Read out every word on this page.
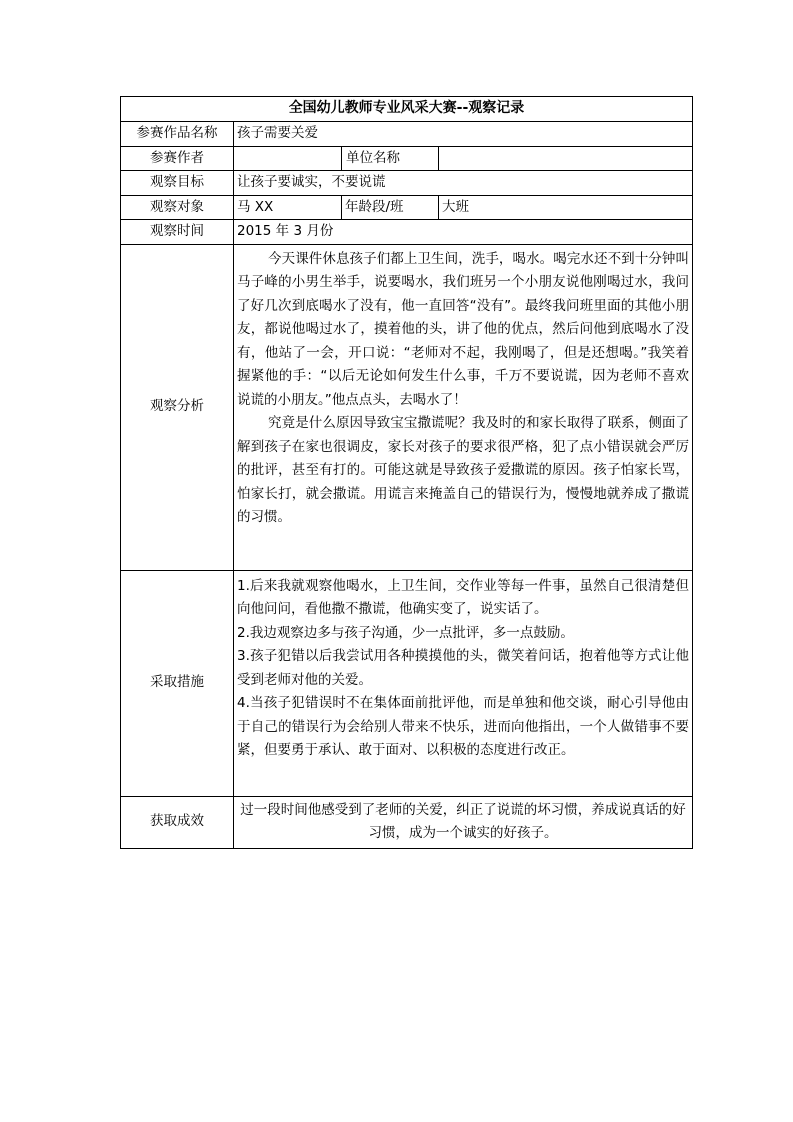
全国幼儿教师专业风采大赛--观察记录			
参赛作品名称	孩子需要关爱		
参赛作者		单位名称	
观察目标	让孩子要诚实，不要说谎		
观察对象	马 XX	年龄段/班	大班
观察时间	2015 年 3 月份		
观察分析	今天课件休息孩子们都上卫生间，洗手，喝水。喝完水还不到十分钟叫马子峰的小男生举手，说要喝水，我们班另一个小朋友说他刚喝过水，我问了好几次到底喝水了没有，他一直回答“没有”。最终我问班里面的其他小朋友，都说他喝过水了，摸着他的头，讲了他的优点，然后问他到底喝水了没有，他站了一会，开口说：“老师对不起，我刚喝了，但是还想喝。”我笑着握紧他的手：“以后无论如何发生什么事，千万不要说谎，因为老师不喜欢说谎的小朋友。”他点点头，去喝水了！

究竟是什么原因导致宝宝撒谎呢？我及时的和家长取得了联系，侧面了解到孩子在家也很调皮，家长对孩子的要求很严格，犯了点小错误就会严厉的批评，甚至有打的。可能这就是导致孩子爱撒谎的原因。孩子怕家长骂，怕家长打，就会撒谎。用谎言来掩盖自己的错误行为，慢慢地就养成了撒谎的习惯。		

采取措施	1.后来我就观察他喝水，上卫生间，交作业等每一件事，虽然自己很清楚但向他问问，看他撒不撒谎，他确实变了，说实话了。

2.我边观察边多与孩子沟通，少一点批评，多一点鼓励。

3.孩子犯错以后我尝试用各种摸摸他的头，微笑着问话，抱着他等方式让他受到老师对他的关爱。

4.当孩子犯错误时不在集体面前批评他，而是单独和他交谈，耐心引导他由于自己的错误行为会给别人带来不快乐，进而向他指出，一个人做错事不要紧，但要勇于承认、敢于面对、以积极的态度进行改正。		

获取成效	过一段时间他感受到了老师的关爱，纠正了说谎的坏习惯，养成说真话的好习惯，成为一个诚实的好孩子。		
